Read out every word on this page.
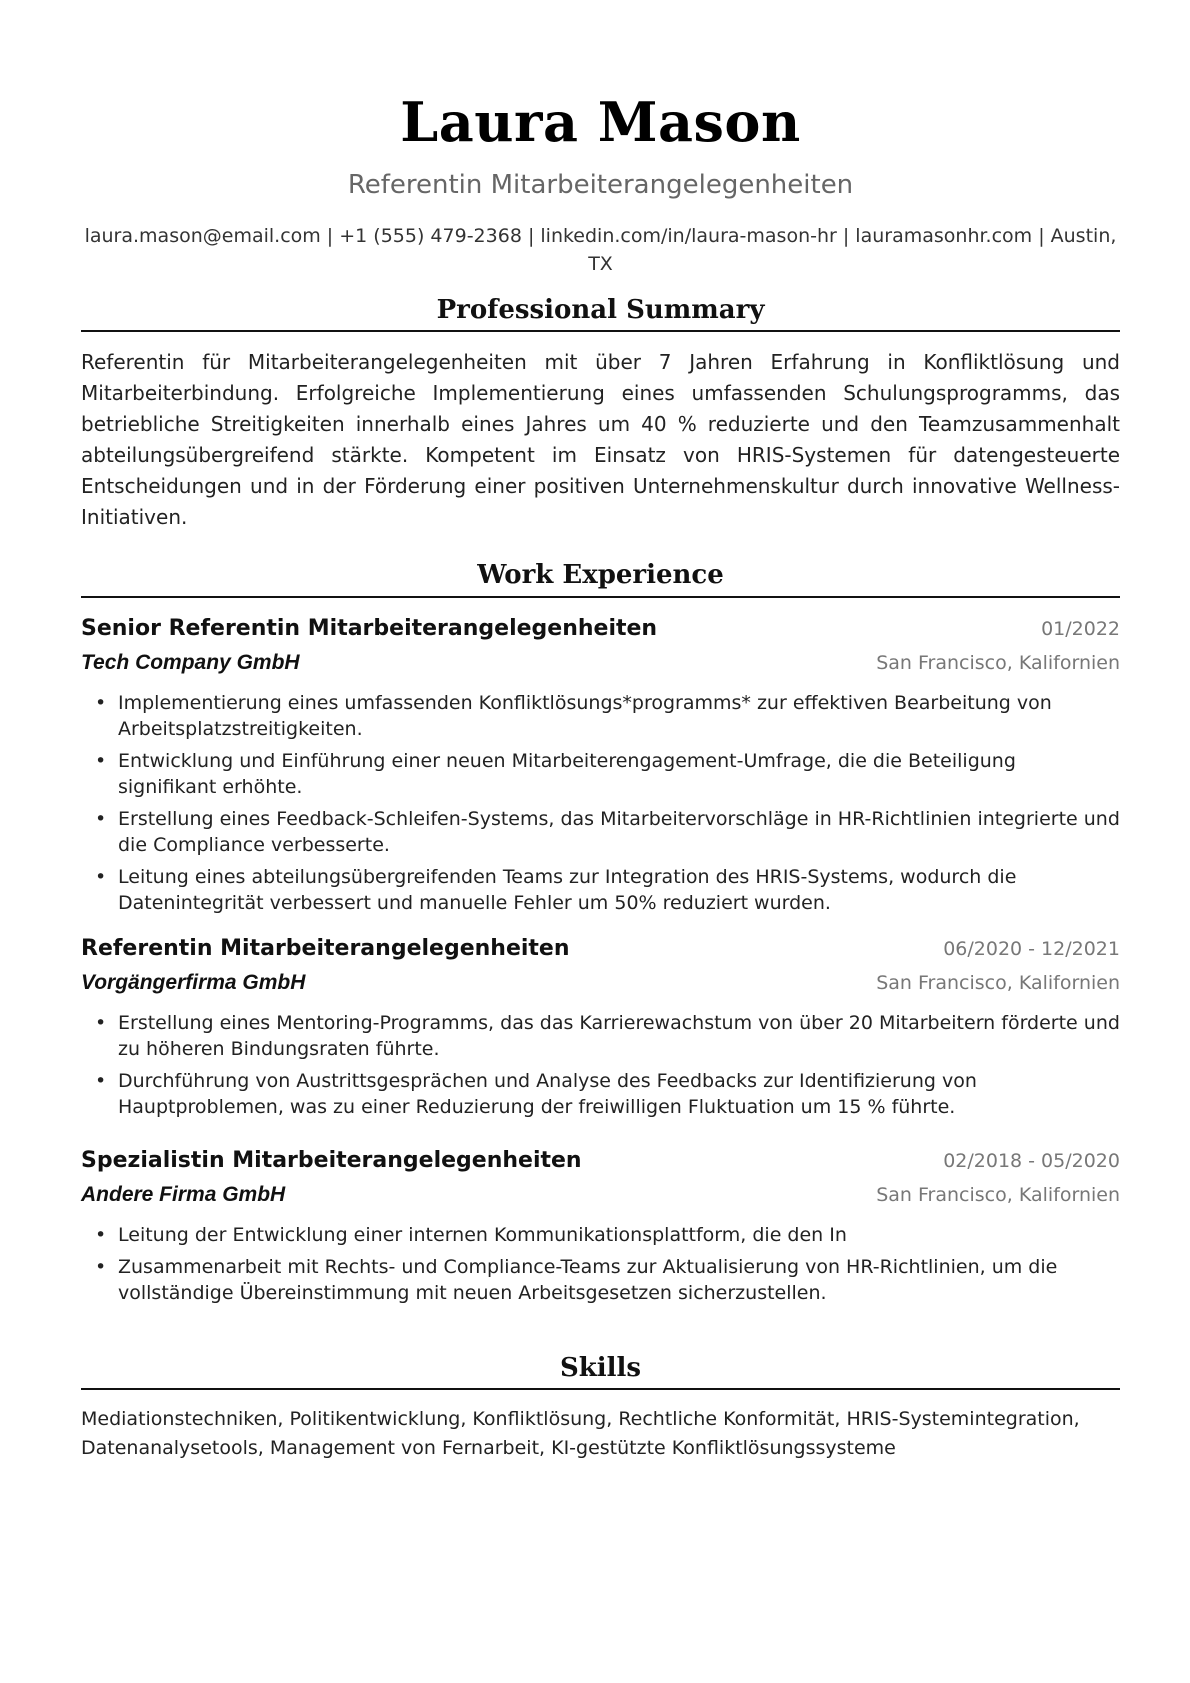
Laura Mason
Referentin Mitarbeiterangelegenheiten
laura.mason@email.com | +1 (555) 479-2368 | linkedin.com/in/laura-mason-hr | lauramasonhr.com | Austin, TX
Professional Summary
Referentin für Mitarbeiterangelegenheiten mit über 7 Jahren Erfahrung in Konfliktlösung und Mitarbeiterbindung. Erfolgreiche Implementierung eines umfassenden Schulungsprogramms, das betriebliche Streitigkeiten innerhalb eines Jahres um 40 % reduzierte und den Teamzusammenhalt abteilungsübergreifend stärkte. Kompetent im Einsatz von HRIS-Systemen für datengesteuerte Entscheidungen und in der Förderung einer positiven Unternehmenskultur durch innovative Wellness-Initiativen.
Work Experience
Senior Referentin Mitarbeiterangelegenheiten	01/2022
Tech Company GmbH	San Francisco, Kalifornien
• Implementierung eines umfassenden Konfliktlösungs*programms* zur effektiven Bearbeitung von Arbeitsplatzstreitigkeiten.
• Entwicklung und Einführung einer neuen Mitarbeiterengagement-Umfrage, die die Beteiligung signifikant erhöhte.
• Erstellung eines Feedback-Schleifen-Systems, das Mitarbeitervorschläge in HR-Richtlinien integrierte und die Compliance verbesserte.
• Leitung eines abteilungsübergreifenden Teams zur Integration des HRIS-Systems, wodurch die Datenintegrität verbessert und manuelle Fehler um 50% reduziert wurden.
Referentin Mitarbeiterangelegenheiten	06/2020 - 12/2021
Vorgängerfirma GmbH	San Francisco, Kalifornien
• Erstellung eines Mentoring-Programms, das das Karrierewachstum von über 20 Mitarbeitern förderte und zu höheren Bindungsraten führte.
• Durchführung von Austrittsgesprächen und Analyse des Feedbacks zur Identifizierung von Hauptproblemen, was zu einer Reduzierung der freiwilligen Fluktuation um 15 % führte.
Spezialistin Mitarbeiterangelegenheiten	02/2018 - 05/2020
Andere Firma GmbH	San Francisco, Kalifornien
• Leitung der Entwicklung einer internen Kommunikationsplattform, die den In
• Zusammenarbeit mit Rechts- und Compliance-Teams zur Aktualisierung von HR-Richtlinien, um die vollständige Übereinstimmung mit neuen Arbeitsgesetzen sicherzustellen.
Skills
Mediationstechniken, Politikentwicklung, Konfliktlösung, Rechtliche Konformität, HRIS-Systemintegration, Datenanalysetools, Management von Fernarbeit, KI-gestützte Konfliktlösungssysteme
